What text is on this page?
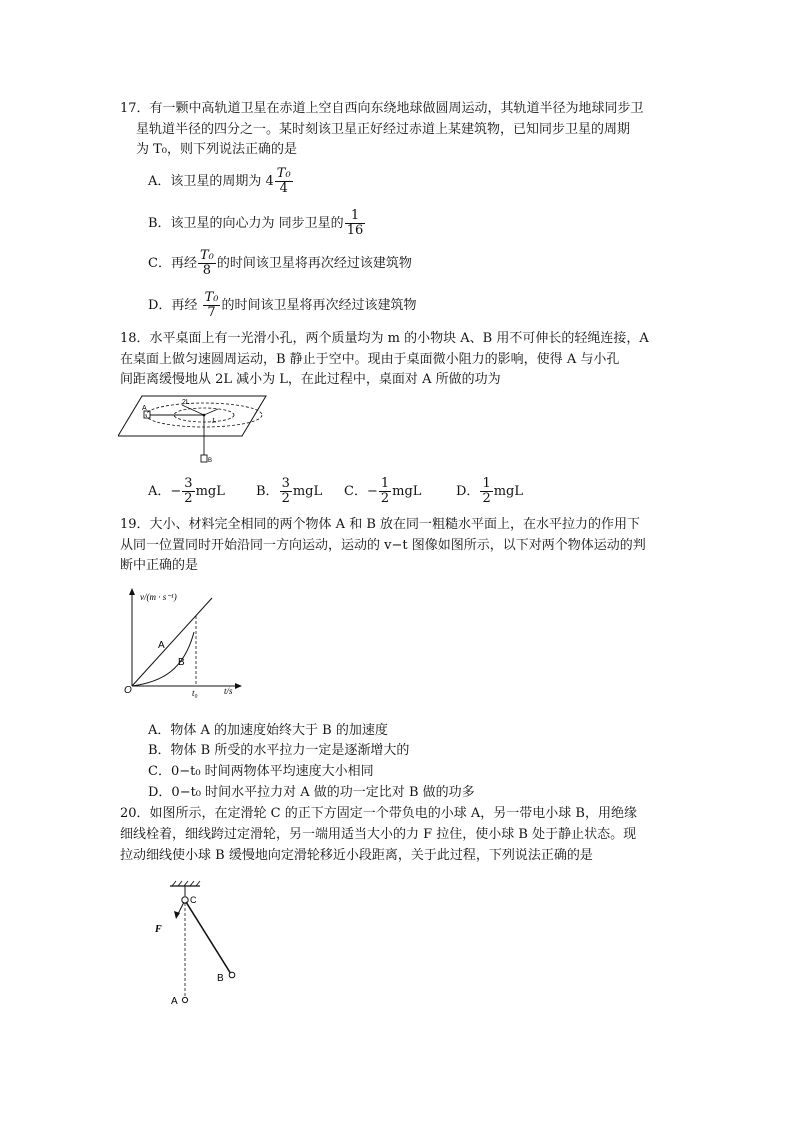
17．有一颗中高轨道卫星在赤道上空自西向东绕地球做圆周运动，其轨道半径为地球同步卫
星轨道半径的四分之一。某时刻该卫星正好经过赤道上某建筑物，已知同步卫星的周期
为 T₀，则下列说法正确的是
A．该卫星的周期为 $4 \frac{\text{T₀}}{4}$
B．该卫星的向心力为 同步卫星的 $\frac{1}{16}$
C．再经 $\frac{\text{T₀}}{8}$ 的时间该卫星将再次经过该建筑物
D．再经 $\frac{\text{T₀}}{7}$ 的时间该卫星将再次经过该建筑物
18．水平桌面上有一光滑小孔，两个质量均为 m 的小物块 A、B 用不可伸长的轻绳连接，A
在桌面上做匀速圆周运动，B 静止于空中。现由于桌面微小阻力的影响，使得 A 与小孔
间距离缓慢地从 2L 减小为 L，在此过程中，桌面对 A 所做的功为
A
2L
L
B
A．− $\frac{3}{2}$ mgL B． $\frac{3}{2}$ mgL C．− $\frac{1}{2}$ mgL	D． $\frac{1}{2}$ mgL
19．大小、材料完全相同的两个物体 A 和 B 放在同一粗糙水平面上，在水平拉力的作用下
从同一位置同时开始沿同一方向运动，运动的 v−t 图像如图所示，以下对两个物体运动的判
断中正确的是
v/(m · s⁻¹)
A
B
O	t₀	t/s
A．物体 A 的加速度始终大于 B 的加速度
B．物体 B 所受的水平拉力一定是逐渐增大的
C．0−t₀ 时间两物体平均速度大小相同
D．0−t₀ 时间水平拉力对 A 做的功一定比对 B 做的功多
20．如图所示，在定滑轮 C 的正下方固定一个带负电的小球 A，另一带电小球 B，用绝缘
细线栓着，细线跨过定滑轮，另一端用适当大小的力 F 拉住，使小球 B 处于静止状态。现
拉动细线使小球 B 缓慢地向定滑轮移近小段距离，关于此过程，下列说法正确的是
C
F
B
A
